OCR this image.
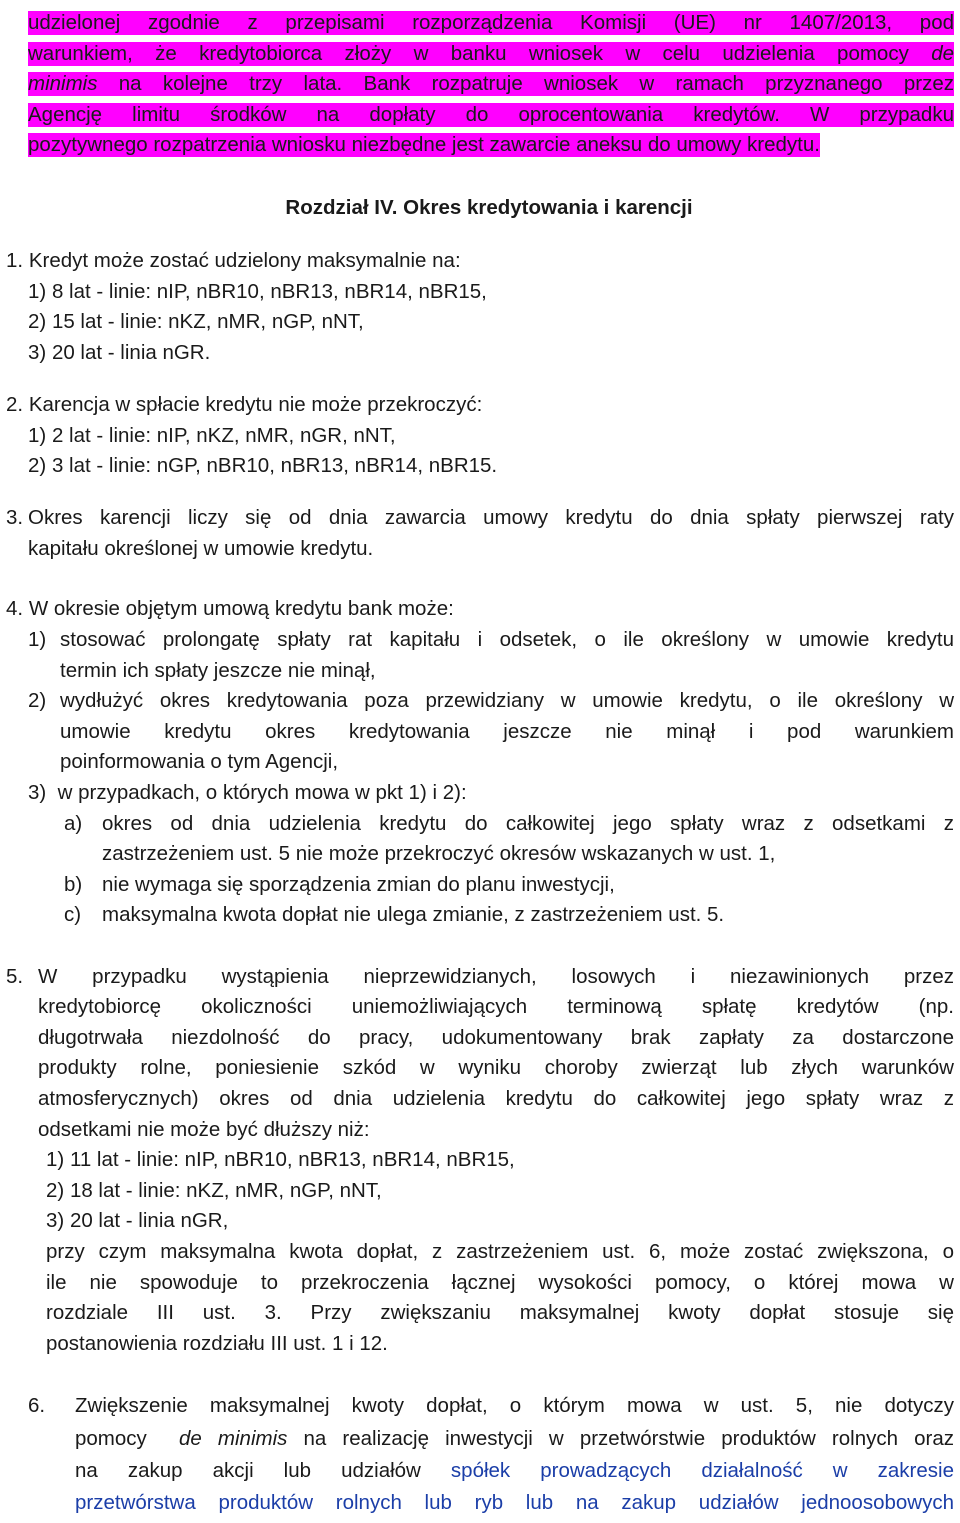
udzielonej zgodnie z przepisami rozporządzenia Komisji (UE) nr 1407/2013, pod
warunkiem, że kredytobiorca złoży w banku wniosek w celu udzielenia pomocy de
minimis na kolejne trzy lata. Bank rozpatruje wniosek w ramach przyznanego przez
Agencję limitu środków na dopłaty do oprocentowania kredytów. W przypadku
pozytywnego rozpatrzenia wniosku niezbędne jest zawarcie aneksu do umowy kredytu.
Rozdział IV. Okres kredytowania i karencji
1. Kredyt może zostać udzielony maksymalnie na:
1) 8 lat - linie: nIP, nBR10, nBR13, nBR14, nBR15,
2) 15 lat - linie: nKZ, nMR, nGP, nNT,
3) 20 lat - linia nGR.
2. Karencja w spłacie kredytu nie może przekroczyć:
1) 2 lat - linie: nIP, nKZ, nMR, nGR, nNT,
2) 3 lat - linie: nGP, nBR10, nBR13, nBR14, nBR15.
3. Okres karencji liczy się od dnia zawarcia umowy kredytu do dnia spłaty pierwszej raty
kapitału określonej w umowie kredytu.
4. W okresie objętym umową kredytu bank może:
1) stosować prolongatę spłaty rat kapitału i odsetek, o ile określony w umowie kredytu
termin ich spłaty jeszcze nie minął,
2) wydłużyć okres kredytowania poza przewidziany w umowie kredytu, o ile określony w
umowie kredytu okres kredytowania jeszcze nie minął i pod warunkiem
poinformowania o tym Agencji,
3) w przypadkach, o których mowa w pkt 1) i 2):
a) okres od dnia udzielenia kredytu do całkowitej jego spłaty wraz z odsetkami z
zastrzeżeniem ust. 5 nie może przekroczyć okresów wskazanych w ust. 1,
b) nie wymaga się sporządzenia zmian do planu inwestycji,
c) maksymalna kwota dopłat nie ulega zmianie, z zastrzeżeniem ust. 5.
5. W przypadku wystąpienia nieprzewidzianych, losowych i niezawinionych przez
kredytobiorcę okoliczności uniemożliwiających terminową spłatę kredytów (np.
długotrwała niezdolność do pracy, udokumentowany brak zapłaty za dostarczone
produkty rolne, poniesienie szkód w wyniku choroby zwierząt lub złych warunków
atmosferycznych) okres od dnia udzielenia kredytu do całkowitej jego spłaty wraz z
odsetkami nie może być dłuższy niż:
1) 11 lat - linie: nIP, nBR10, nBR13, nBR14, nBR15,
2) 18 lat - linie: nKZ, nMR, nGP, nNT,
3) 20 lat - linia nGR,
przy czym maksymalna kwota dopłat, z zastrzeżeniem ust. 6, może zostać zwiększona, o
ile nie spowoduje to przekroczenia łącznej wysokości pomocy, o której mowa w
rozdziale III ust. 3. Przy zwiększaniu maksymalnej kwoty dopłat stosuje się
postanowienia rozdziału III ust. 1 i 12.
6. Zwiększenie maksymalnej kwoty dopłat, o którym mowa w ust. 5, nie dotyczy
pomocy de minimis na realizację inwestycji w przetwórstwie produktów rolnych oraz
na zakup akcji lub udziałów spółek prowadzących działalność w zakresie
przetwórstwa produktów rolnych lub ryb lub na zakup udziałów jednoosobowych
